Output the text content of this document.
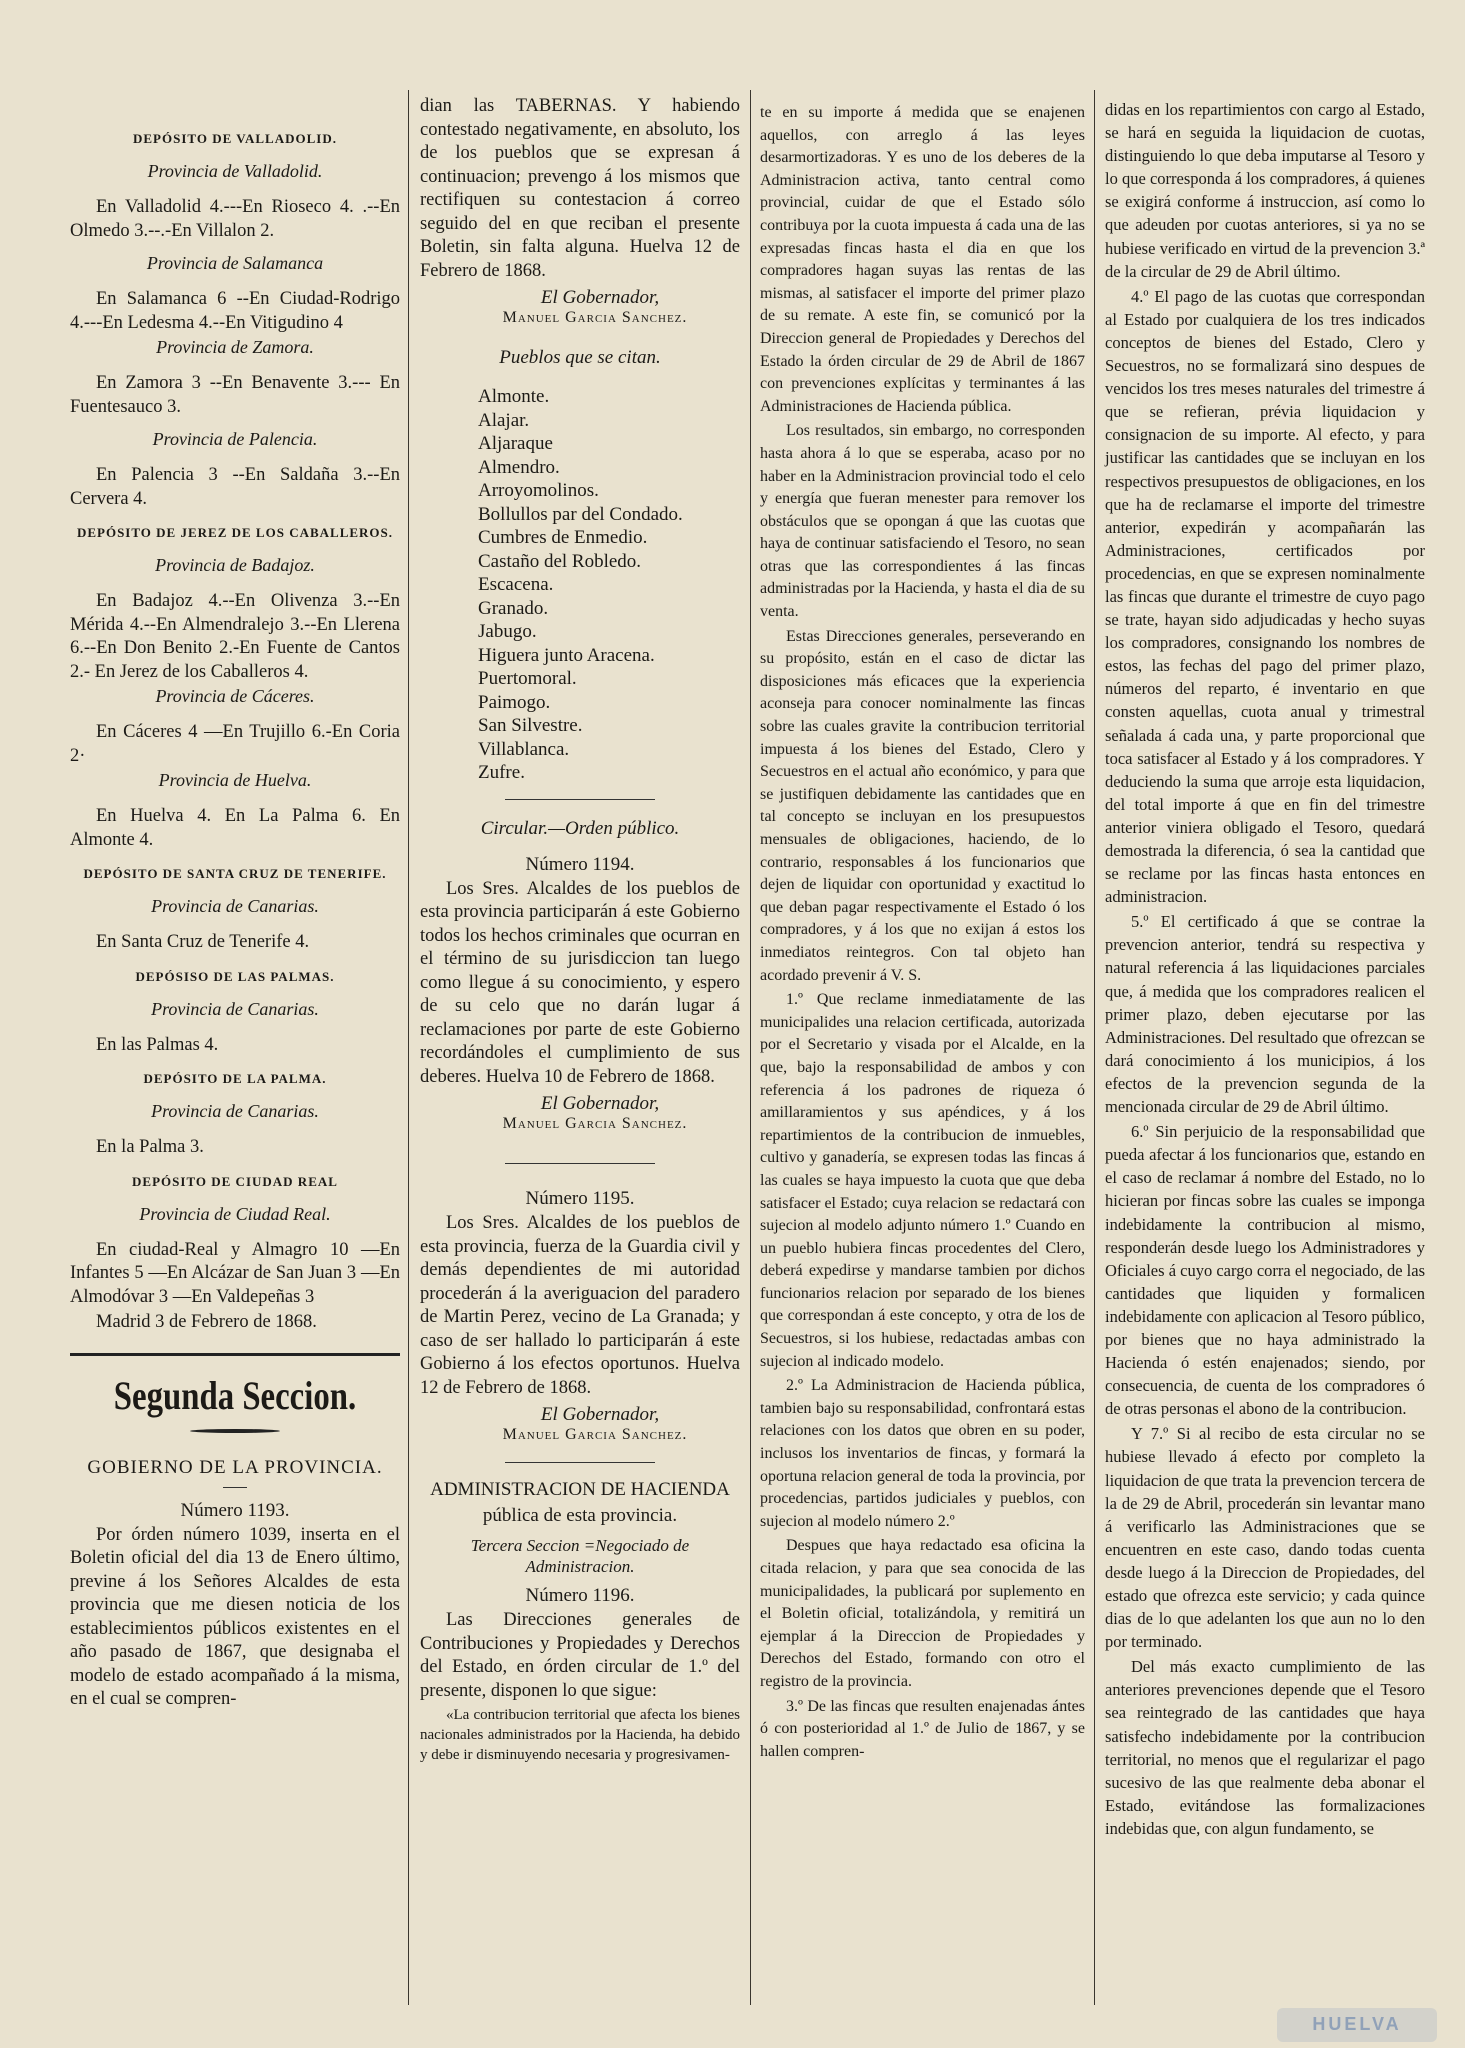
DEPÓSITO DE VALLADOLID.
Provincia de Valladolid.

En Valladolid 4.---En Rioseco 4. .--En Olmedo 3.--.-En Villalon 2.

Provincia de Salamanca

En Salamanca 6 --En Ciudad-Rodrigo 4.---En Ledesma 4.--En Vitigudino 4

Provincia de Zamora.

En Zamora 3 --En Benavente 3.--- En Fuentesauco 3.

Provincia de Palencia.

En Palencia 3 --En Saldaña 3.--En Cervera 4.

DEPÓSITO DE JEREZ DE LOS CABALLEROS.
Provincia de Badajoz.

En Badajoz 4.--En Olivenza 3.--En Mérida 4.--En Almendralejo 3.--En Llerena 6.--En Don Benito 2.-En Fuente de Cantos 2.- En Jerez de los Caballeros 4.

Provincia de Cáceres.

En Cáceres 4 —En Trujillo 6.-En Coria 2·

Provincia de Huelva.

En Huelva 4. En La Palma 6. En Almonte 4.

DEPÓSITO DE SANTA CRUZ DE TENERIFE.
Provincia de Canarias.

En Santa Cruz de Tenerife 4.

DEPÓSISO DE LAS PALMAS.
Provincia de Canarias.

En las Palmas 4.

DEPÓSITO DE LA PALMA.
Provincia de Canarias.

En la Palma 3.

DEPÓSITO DE CIUDAD REAL
Provincia de Ciudad Real.

En ciudad-Real y Almagro 10 —En Infantes 5 —En Alcázar de San Juan 3 —En Almodóvar 3 —En Valdepeñas 3

Madrid 3 de Febrero de 1868.

Segunda Seccion.
GOBIERNO DE LA PROVINCIA.
Número 1193.

Por órden número 1039, inserta en el Boletin oficial del dia 13 de Enero último, previne á los Señores Alcaldes de esta provincia que me diesen noticia de los establecimientos públicos existentes en el año pasado de 1867, que designaba el modelo de estado acompañado á la misma, en el cual se compren-

dian las TABERNAS. Y habiendo contestado negativamente, en absoluto, los de los pueblos que se expresan á continuacion; prevengo á los mismos que rectifiquen su contestacion á correo seguido del en que reciban el presente Boletin, sin falta alguna. Huelva 12 de Febrero de 1868.

El Gobernador,
Manuel Garcia Sanchez.
Pueblos que se citan.
Almonte.
Alajar.
Aljaraque
Almendro.
Arroyomolinos.
Bollullos par del Condado.
Cumbres de Enmedio.
Castaño del Robledo.
Escacena.
Granado.
Jabugo.
Higuera junto Aracena.
Puertomoral.
Paimogo.
San Silvestre.
Villablanca.
Zufre.
Circular.—Orden público.
Número 1194.

Los Sres. Alcaldes de los pueblos de esta provincia participarán á este Gobierno todos los hechos criminales que ocurran en el término de su jurisdiccion tan luego como llegue á su conocimiento, y espero de su celo que no darán lugar á reclamaciones por parte de este Gobierno recordándoles el cumplimiento de sus deberes. Huelva 10 de Febrero de 1868.

El Gobernador,
Manuel Garcia Sanchez.
Número 1195.

Los Sres. Alcaldes de los pueblos de esta provincia, fuerza de la Guardia civil y demás dependientes de mi autoridad procederán á la averiguacion del paradero de Martin Perez, vecino de La Granada; y caso de ser hallado lo participarán á este Gobierno á los efectos oportunos. Huelva 12 de Febrero de 1868.

El Gobernador,
Manuel Garcia Sanchez.
ADMINISTRACION DE HACIENDA
pública de esta provincia.
Tercera Seccion =Negociado de Administracion.
Número 1196.

Las Direcciones generales de Contribuciones y Propiedades y Derechos del Estado, en órden circular de 1.º del presente, disponen lo que sigue:

«La contribucion territorial que afecta los bienes nacionales administrados por la Hacienda, ha debido y debe ir disminuyendo necesaria y progresivamen-

te en su importe á medida que se enajenen aquellos, con arreglo á las leyes desarmortizadoras. Y es uno de los deberes de la Administracion activa, tanto central como provincial, cuidar de que el Estado sólo contribuya por la cuota impuesta á cada una de las expresadas fincas hasta el dia en que los compradores hagan suyas las rentas de las mismas, al satisfacer el importe del primer plazo de su remate. A este fin, se comunicó por la Direccion general de Propiedades y Derechos del Estado la órden circular de 29 de Abril de 1867 con prevenciones explícitas y terminantes á las Administraciones de Hacienda pública.

Los resultados, sin embargo, no corresponden hasta ahora á lo que se esperaba, acaso por no haber en la Administracion provincial todo el celo y energía que fueran menester para remover los obstáculos que se opongan á que las cuotas que haya de continuar satisfaciendo el Tesoro, no sean otras que las correspondientes á las fincas administradas por la Hacienda, y hasta el dia de su venta.

Estas Direcciones generales, perseverando en su propósito, están en el caso de dictar las disposiciones más eficaces que la experiencia aconseja para conocer nominalmente las fincas sobre las cuales gravite la contribucion territorial impuesta á los bienes del Estado, Clero y Secuestros en el actual año económico, y para que se justifiquen debidamente las cantidades que en tal concepto se incluyan en los presupuestos mensuales de obligaciones, haciendo, de lo contrario, responsables á los funcionarios que dejen de liquidar con oportunidad y exactitud lo que deban pagar respectivamente el Estado ó los compradores, y á los que no exijan á estos los inmediatos reintegros. Con tal objeto han acordado prevenir á V. S.

1.º Que reclame inmediatamente de las municipalides una relacion certificada, autorizada por el Secretario y visada por el Alcalde, en la que, bajo la responsabilidad de ambos y con referencia á los padrones de riqueza ó amillaramientos y sus apéndices, y á los repartimientos de la contribucion de inmuebles, cultivo y ganadería, se expresen todas las fincas á las cuales se haya impuesto la cuota que que deba satisfacer el Estado; cuya relacion se redactará con sujecion al modelo adjunto número 1.º Cuando en un pueblo hubiera fincas procedentes del Clero, deberá expedirse y mandarse tambien por dichos funcionarios relacion por separado de los bienes que correspondan á este concepto, y otra de los de Secuestros, si los hubiese, redactadas ambas con sujecion al indicado modelo.

2.º La Administracion de Hacienda pública, tambien bajo su responsabilidad, confrontará estas relaciones con los datos que obren en su poder, inclusos los inventarios de fincas, y formará la oportuna relacion general de toda la provincia, por procedencias, partidos judiciales y pueblos, con sujecion al modelo número 2.º

Despues que haya redactado esa oficina la citada relacion, y para que sea conocida de las municipalidades, la publicará por suplemento en el Boletin oficial, totalizándola, y remitirá un ejemplar á la Direccion de Propiedades y Derechos del Estado, formando con otro el registro de la provincia.

3.º De las fincas que resulten enajenadas ántes ó con posterioridad al 1.º de Julio de 1867, y se hallen compren-

didas en los repartimientos con cargo al Estado, se hará en seguida la liquidacion de cuotas, distinguiendo lo que deba imputarse al Tesoro y lo que corresponda á los compradores, á quienes se exigirá conforme á instruccion, así como lo que adeuden por cuotas anteriores, si ya no se hubiese verificado en virtud de la prevencion 3.ª de la circular de 29 de Abril último.

4.º El pago de las cuotas que correspondan al Estado por cualquiera de los tres indicados conceptos de bienes del Estado, Clero y Secuestros, no se formalizará sino despues de vencidos los tres meses naturales del trimestre á que se refieran, prévia liquidacion y consignacion de su importe. Al efecto, y para justificar las cantidades que se incluyan en los respectivos presupuestos de obligaciones, en los que ha de reclamarse el importe del trimestre anterior, expedirán y acompañarán las Administraciones, certificados por procedencias, en que se expresen nominalmente las fincas que durante el trimestre de cuyo pago se trate, hayan sido adjudicadas y hecho suyas los compradores, consignando los nombres de estos, las fechas del pago del primer plazo, números del reparto, é inventario en que consten aquellas, cuota anual y trimestral señalada á cada una, y parte proporcional que toca satisfacer al Estado y á los compradores. Y deduciendo la suma que arroje esta liquidacion, del total importe á que en fin del trimestre anterior viniera obligado el Tesoro, quedará demostrada la diferencia, ó sea la cantidad que se reclame por las fincas hasta entonces en administracion.

5.º El certificado á que se contrae la prevencion anterior, tendrá su respectiva y natural referencia á las liquidaciones parciales que, á medida que los compradores realicen el primer plazo, deben ejecutarse por las Administraciones. Del resultado que ofrezcan se dará conocimiento á los municipios, á los efectos de la prevencion segunda de la mencionada circular de 29 de Abril último.

6.º Sin perjuicio de la responsabilidad que pueda afectar á los funcionarios que, estando en el caso de reclamar á nombre del Estado, no lo hicieran por fincas sobre las cuales se imponga indebidamente la contribucion al mismo, responderán desde luego los Administradores y Oficiales á cuyo cargo corra el negociado, de las cantidades que liquiden y formalicen indebidamente con aplicacion al Tesoro público, por bienes que no haya administrado la Hacienda ó estén enajenados; siendo, por consecuencia, de cuenta de los compradores ó de otras personas el abono de la contribucion.

Y 7.º Si al recibo de esta circular no se hubiese llevado á efecto por completo la liquidacion de que trata la prevencion tercera de la de 29 de Abril, procederán sin levantar mano á verificarlo las Administraciones que se encuentren en este caso, dando todas cuenta desde luego á la Direccion de Propiedades, del estado que ofrezca este servicio; y cada quince dias de lo que adelanten los que aun no lo den por terminado.

Del más exacto cumplimiento de las anteriores prevenciones depende que el Tesoro sea reintegrado de las cantidades que haya satisfecho indebidamente por la contribucion territorial, no menos que el regularizar el pago sucesivo de las que realmente deba abonar el Estado, evitándose las formalizaciones indebidas que, con algun fundamento, se

HUELVA
